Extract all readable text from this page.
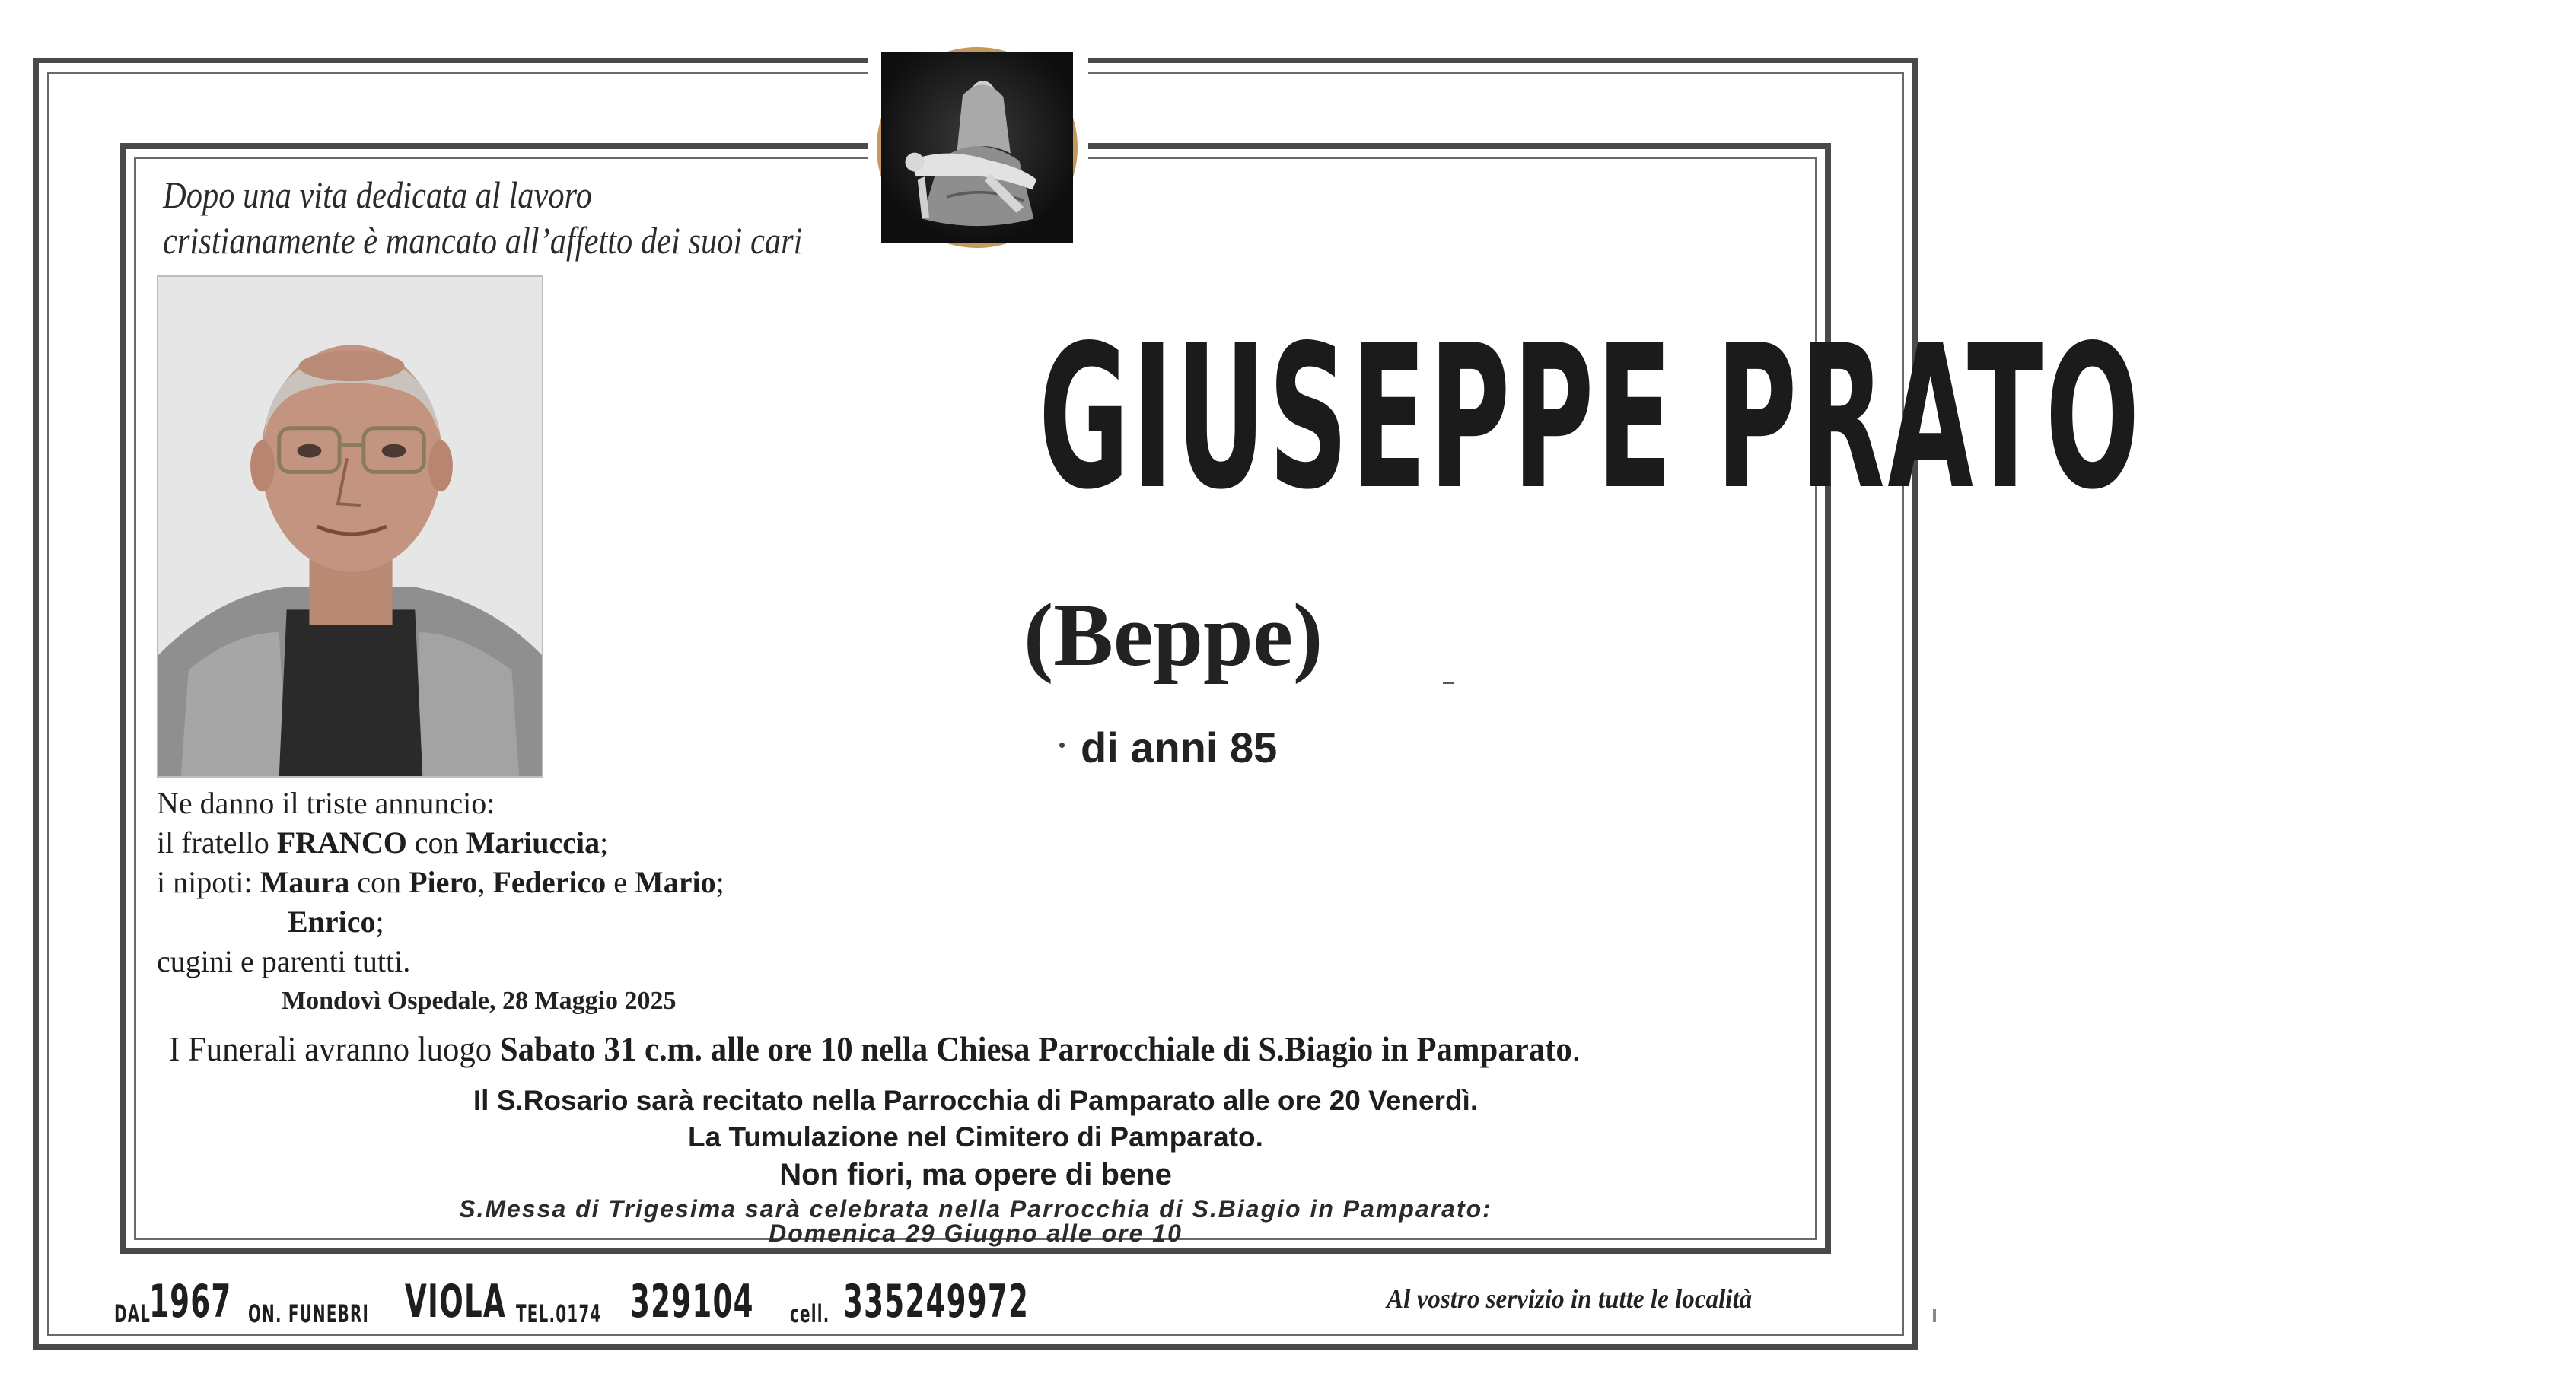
Dopo una vita dedicata al lavoro
cristianamente è mancato all’affetto dei suoi cari
GIUSEPPE PRATO
(Beppe)
di anni 85
Ne danno il triste annuncio:
il fratello FRANCO con Mariuccia;
i nipoti: Maura con Piero, Federico e Mario;
Enrico;
cugini e parenti tutti.
Mondovì Ospedale, 28 Maggio 2025
I Funerali avranno luogo Sabato 31 c.m. alle ore 10 nella Chiesa Parrocchiale di S.Biagio in Pamparato.
Il S.Rosario sarà recitato nella Parrocchia di Pamparato alle ore 20 Venerdì.
La Tumulazione nel Cimitero di Pamparato.
Non fiori, ma opere di bene
S.Messa di Trigesima sarà celebrata nella Parrocchia di S.Biagio in Pamparato:
Domenica 29 Giugno alle ore 10
DAL
1967 ON. FUNEBRI VIOLA TEL.0174 329104 cell. 335249972	Al vostro servizio in tutte le località
